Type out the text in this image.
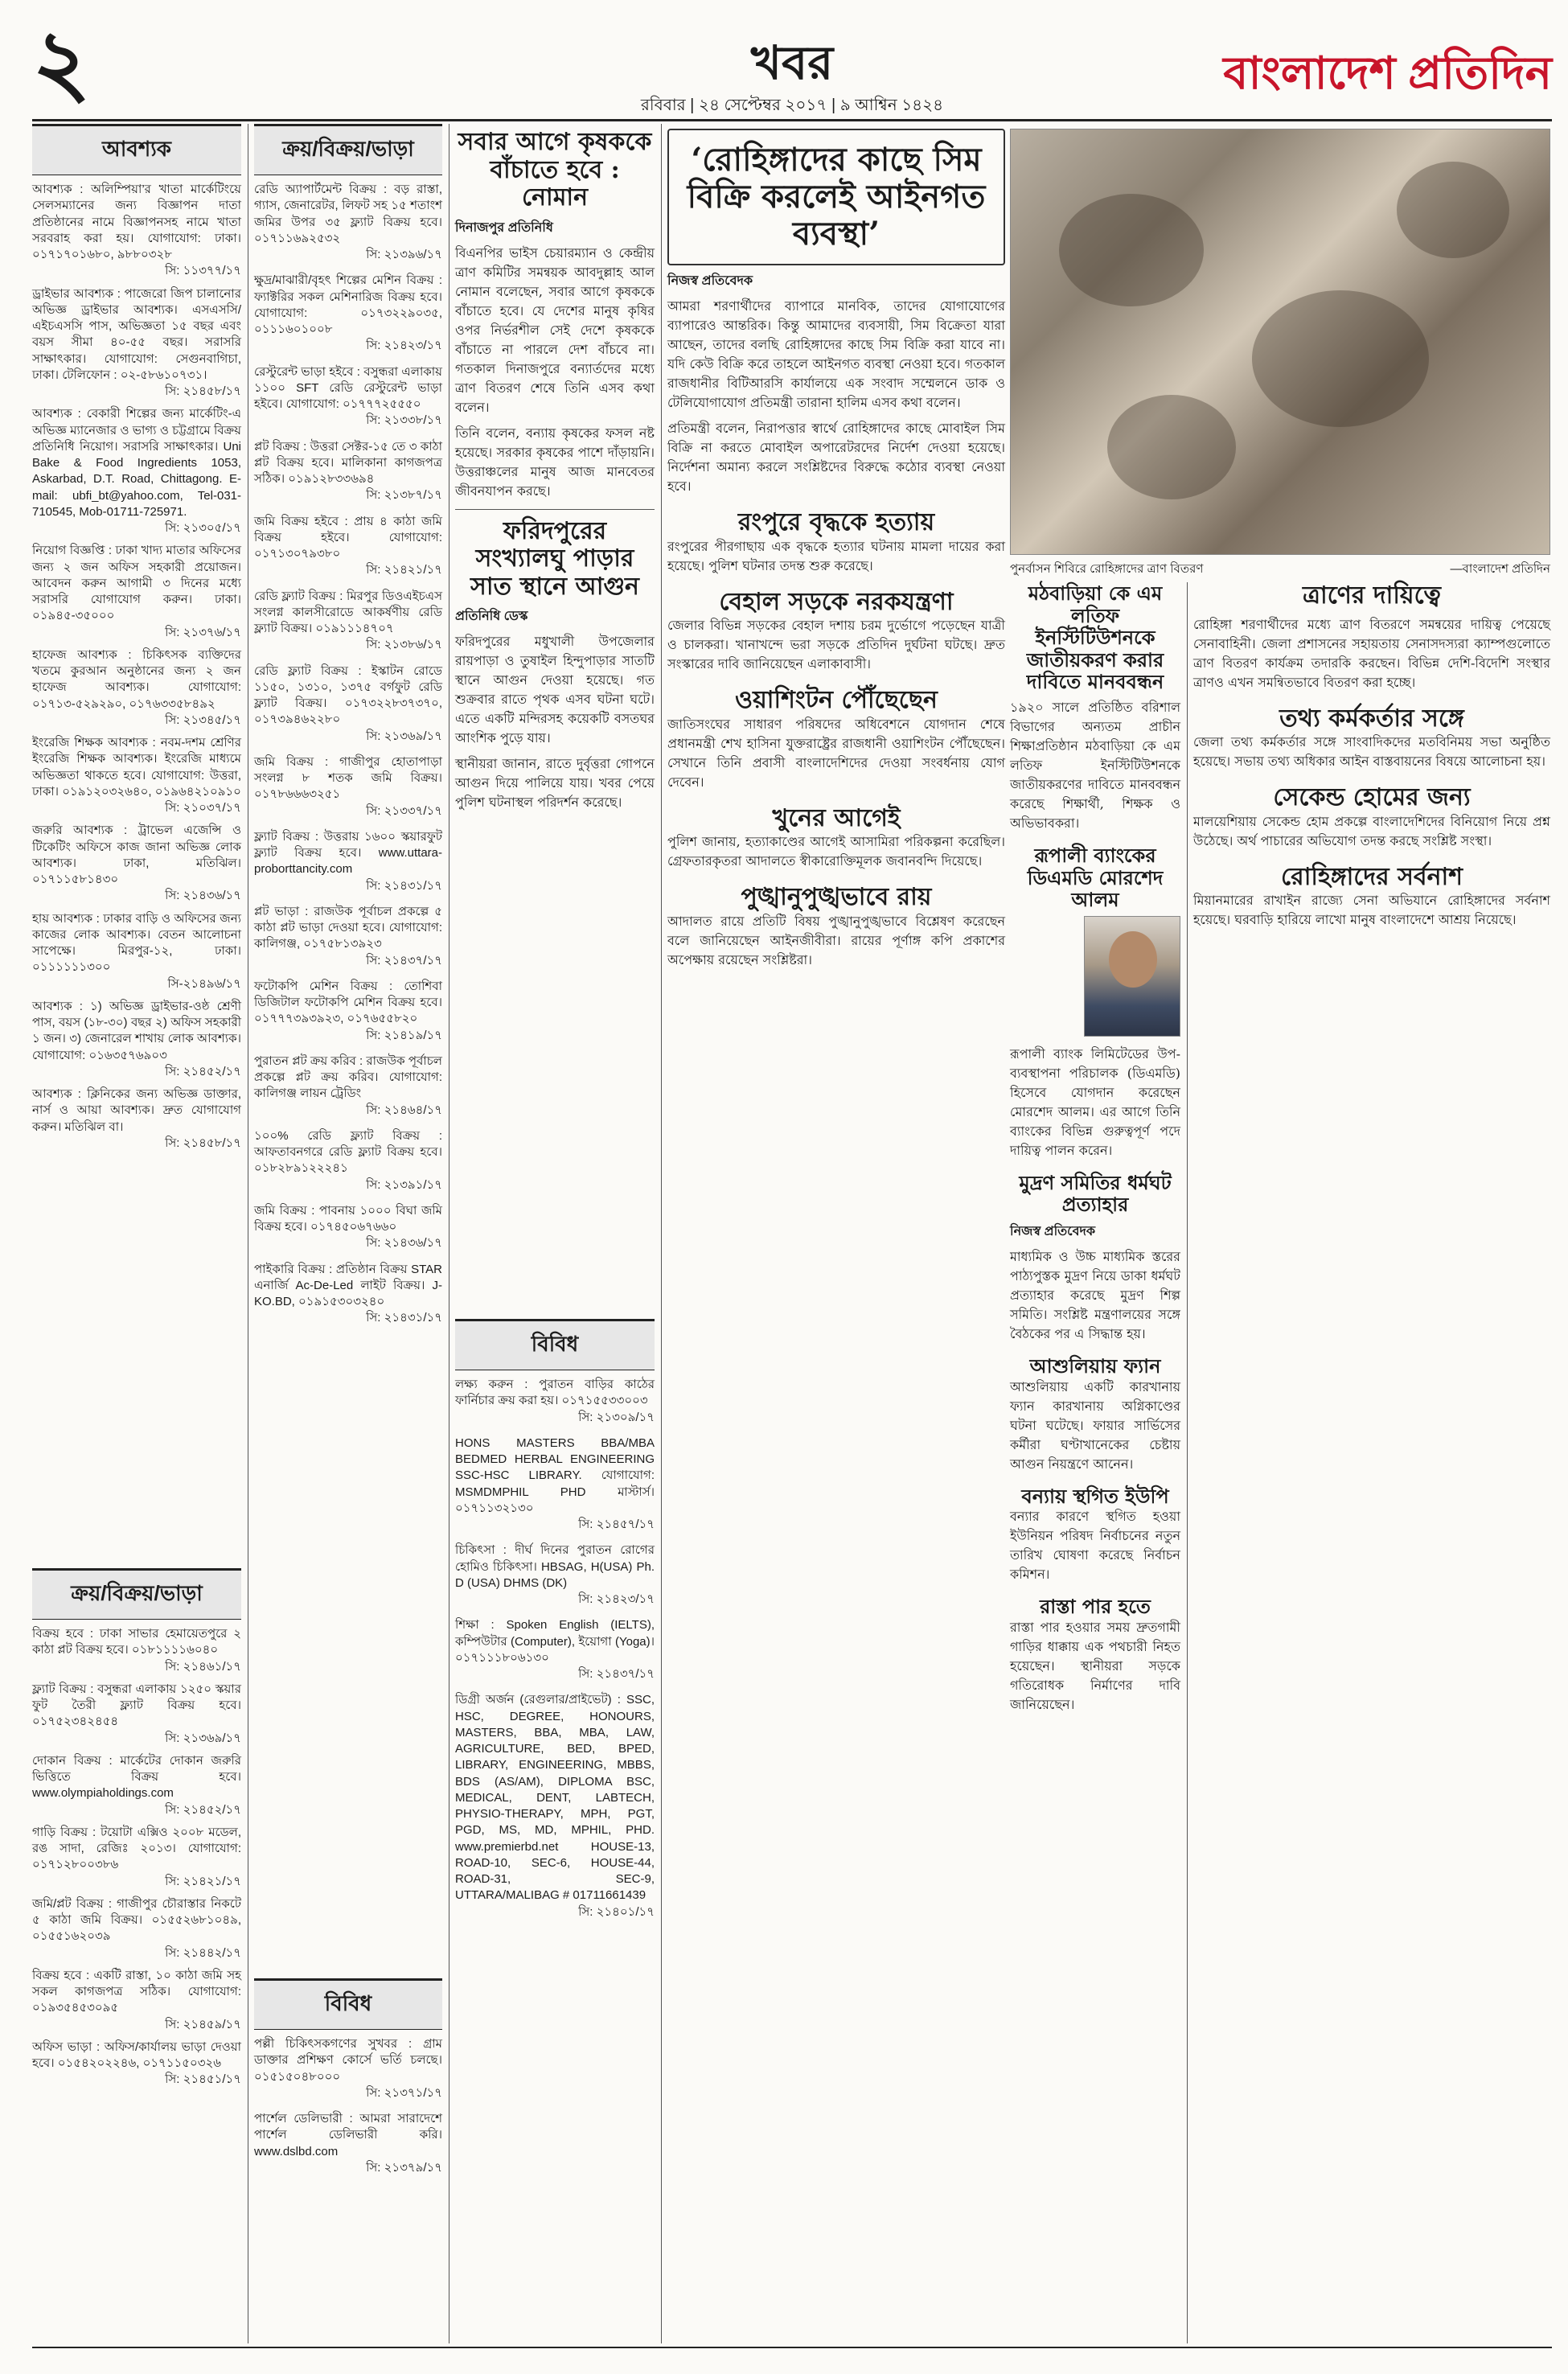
২	খবর
রবিবার | ২৪ সেপ্টেম্বর ২০১৭ | ৯ আশ্বিন ১৪২৪
বাংলাদেশ প্রতিদিন
আবশ্যক

আবশ্যক : অলিম্পিয়া’র খাতা মার্কেটিংয়ে সেলসম্যানের জন্য বিজ্ঞাপন দাতা প্রতিষ্ঠানের নামে বিজ্ঞাপনসহ নামে খাতা সরবরাহ করা হয়। যোগাযোগ: ঢাকা। ০১৭১৭০১৬৮০, ৯৮৮০৩২৮
সি: ১১৩৭৭/১৭

ড্রাইভার আবশ্যক : পাজেরো জিপ চালানোর অভিজ্ঞ ড্রাইভার আবশ্যক। এসএসসি/এইচএসসি পাস, অভিজ্ঞতা ১৫ বছর এবং বয়স সীমা ৪০-৫৫ বছর। সরাসরি সাক্ষাৎকার। যোগাযোগ: সেগুনবাগিচা, ঢাকা। টেলিফোন : ০২-৫৮৬১০৭৩১।
সি: ২১৪৫৮/১৭

আবশ্যক : বেকারী শিল্পের জন্য মার্কেটিং-এ অভিজ্ঞ ম্যানেজার ও ভাগ্য ও চট্টগ্রামে বিক্রয় প্রতিনিধি নিয়োগ। সরাসরি সাক্ষাৎকার। Uni Bake & Food Ingredients 1053, Askarbad, D.T. Road, Chittagong. E-mail: ubfi_bt@yahoo.com, Tel-031-710545, Mob-01711-725971.
সি: ২১৩০৫/১৭

নিয়োগ বিজ্ঞপ্তি : ঢাকা খাদ্য মাতার অফিসের জন্য ২ জন অফিস সহকারী প্রয়োজন। আবেদন করুন আগামী ৩ দিনের মধ্যে সরাসরি যোগাযোগ করুন। ঢাকা। ০১৯৪৫-৩৫০০০
সি: ২১৩৭৬/১৭

হাফেজ আবশ্যক : চিকিৎসক ব্যক্তিদের খতমে কুরআন অনুষ্ঠানের জন্য ২ জন হাফেজ আবশ্যক। যোগাযোগ: ০১৭১৩-৫২৯২৯০, ০১৭৬৩৩৫৮৪৯২
সি: ২১৩৪৫/১৭

ইংরেজি শিক্ষক আবশ্যক : নবম-দশম শ্রেণির ইংরেজি শিক্ষক আবশ্যক। ইংরেজি মাধ্যমে অভিজ্ঞতা থাকতে হবে। যোগাযোগ: উত্তরা, ঢাকা। ০১৯১২০৩২৬৪০, ০১৯৬৪২১০৯১০
সি: ২১০৩৭/১৭

জরুরি আবশ্যক : ট্রাভেল এজেন্সি ও টিকেটিং অফিসে কাজ জানা অভিজ্ঞ লোক আবশ্যক। ঢাকা, মতিঝিল। ০১৭১১৫৮১৪৩০
সি: ২১৪৩৬/১৭

হায় আবশ্যক : ঢাকার বাড়ি ও অফিসের জন্য কাজের লোক আবশ্যক। বেতন আলোচনা সাপেক্ষে। মিরপুর-১২, ঢাকা। ০১১১১১১৩০০
সি-২১৪৯৬/১৭

আবশ্যক : ১) অভিজ্ঞ ড্রাইভার-ওষ্ঠ শ্রেণী পাস, বয়স (১৮-৩০) বছর ২) অফিস সহকারী ১ জন। ৩) জেনারেল শাখায় লোক আবশ্যক। যোগাযোগ: ০১৬৩৫৭৬৯০৩
সি: ২১৪৫২/১৭

আবশ্যক : ক্লিনিকের জন্য অভিজ্ঞ ডাক্তার, নার্স ও আয়া আবশ্যক। দ্রুত যোগাযোগ করুন। মতিঝিল বা।
সি: ২১৪৫৮/১৭

ক্রয়/বিক্রয়/ভাড়া

বিক্রয় হবে : ঢাকা সাভার হেমায়েতপুরে ২ কাঠা প্লট বিক্রয় হবে। ০১৮১১১১৬০৪০
সি: ২১৪৬১/১৭

ফ্ল্যাট বিক্রয় : বসুন্ধরা এলাকায় ১২৫০ স্কয়ার ফুট তৈরী ফ্ল্যাট বিক্রয় হবে। ০১৭৫২৩৪২৪৫৪
সি: ২১৩৬৯/১৭

দোকান বিক্রয় : মার্কেটের দোকান জরুরি ভিত্তিতে বিক্রয় হবে। www.olympiaholdings.com
সি: ২১৪৫২/১৭

গাড়ি বিক্রয় : টয়োটা এক্সিও ২০০৮ মডেল, রঙ সাদা, রেজিঃ ২০১৩। যোগাযোগ: ০১৭১২৮০০৩৮৬
সি: ২১৪২১/১৭

জমি/প্লট বিক্রয় : গাজীপুর চৌরাস্তার নিকটে ৫ কাঠা জমি বিক্রয়। ০১৫৫২৬৮১০৪৯, ০১৫৫১৬২০৩৯
সি: ২১৪৪২/১৭

বিক্রয় হবে : একটি রাস্তা, ১০ কাঠা জমি সহ সকল কাগজপত্র সঠিক। যোগাযোগ: ০১৯৩৫৪৫৩০৯৫
সি: ২১৪৫৯/১৭

অফিস ভাড়া : অফিস/কার্যালয় ভাড়া দেওয়া হবে। ০১৫৪২০২২৪৬, ০১৭১১৫০৩২৬
সি: ২১৪৫১/১৭

ক্রয়/বিক্রয়/ভাড়া

রেডি অ্যাপার্টমেন্ট বিক্রয় : বড় রাস্তা, গ্যাস, জেনারেটর, লিফট সহ ১৫ শতাংশ জমির উপর ৩৫ ফ্ল্যাট বিক্রয় হবে। ০১৭১১৬৯২৫৩২
সি: ২১৩৯৬/১৭

ক্ষুদ্র/মাঝারী/বৃহৎ শিল্পের মেশিন বিক্রয় : ফ্যাক্টরির সকল মেশিনারিজ বিক্রয় হবে। যোগাযোগ: ০১৭৩২২৯০৩৫, ০১১১৬০১০০৮
সি: ২১৪২৩/১৭

রেস্টুরেন্ট ভাড়া হইবে : বসুন্ধরা এলাকায় ১১০০ SFT রেডি রেস্টুরেন্ট ভাড়া হইবে। যোগাযোগ: ০১৭৭৭২৫৫৫০
সি: ২১৩৩৮/১৭

প্লট বিক্রয় : উত্তরা সেক্টর-১৫ তে ৩ কাঠা প্লট বিক্রয় হবে। মালিকানা কাগজপত্র সঠিক। ০১৯১২৮৩৩৬৯৪
সি: ২১৩৮৭/১৭

জমি বিক্রয় হইবে : প্রায় ৪ কাঠা জমি বিক্রয় হইবে। যোগাযোগ: ০১৭১৩০৭৯৩৮০
সি: ২১৪২১/১৭

রেডি ফ্ল্যাট বিক্রয় : মিরপুর ডিওএইচএস সংলগ্ন কালসীরোডে আকর্ষণীয় রেডি ফ্ল্যাট বিক্রয়। ০১৯১১১৪৭০৭
সি: ২১৩৮৬/১৭

রেডি ফ্ল্যাট বিক্রয় : ইস্কাটন রোডে ১১৫০, ১৩১০, ১৩৭৫ বর্গফুট রেডি ফ্ল্যাট বিক্রয়। ০১৭৩২২৮৩৭৩৭০, ০১৭৩৯৪৬২২৮০
সি: ২১৩৬৯/১৭

জমি বিক্রয় : গাজীপুর হোতাপাড়া সংলগ্ন ৮ শতক জমি বিক্রয়। ০১৭৮৬৬৬৩২৫১
সি: ২১৩৩৭/১৭

ফ্ল্যাট বিক্রয় : উত্তরায় ১৬০০ স্কয়ারফুট ফ্ল্যাট বিক্রয় হবে। www.uttara-proborttancity.com
সি: ২১৪৩১/১৭

প্লট ভাড়া : রাজউক পূর্বাচল প্রকল্পে ৫ কাঠা প্লট ভাড়া দেওয়া হবে। যোগাযোগ: কালিগঞ্জ, ০১৭৫৮১৩৯২৩
সি: ২১৪৩৭/১৭

ফটোকপি মেশিন বিক্রয় : তোশিবা ডিজিটাল ফটোকপি মেশিন বিক্রয় হবে। ০১৭৭৭৩৯৩৯২৩, ০১৭৬৫৫৮২০
সি: ২১৪১৯/১৭

পুরাতন প্লট ক্রয় করিব : রাজউক পূর্বাচল প্রকল্পে প্লট ক্রয় করিব। যোগাযোগ: কালিগঞ্জ লায়ন ট্রেডিং
সি: ২১৪৬৪/১৭

১০০% রেডি ফ্ল্যাট বিক্রয় : আফতাবনগরে রেডি ফ্ল্যাট বিক্রয় হবে। ০১৮২৮৯১২২২৪১
সি: ২১৩৯১/১৭

জমি বিক্রয় : পাবনায় ১০০০ বিঘা জমি বিক্রয় হবে। ০১৭৪৫০৬৭৬৬০
সি: ২১৪৩৬/১৭

পাইকারি বিক্রয় : প্রতিষ্ঠান বিক্রয় STAR এনার্জি Ac-De-Led লাইট বিক্রয়। J-KO.BD, ০১৯১৫৩০৩২৪০
সি: ২১৪৩১/১৭

বিবিধ

পল্লী চিকিৎসকগণের সুখবর : গ্রাম ডাক্তার প্রশিক্ষণ কোর্সে ভর্তি চলছে। ০১৫১৫০৪৮০০০
সি: ২১৩৭১/১৭

পার্শেল ডেলিভারী : আমরা সারাদেশে পার্শেল ডেলিভারী করি। www.dslbd.com
সি: ২১৩৭৯/১৭

সবার আগে কৃষককে বাঁচাতে হবে : নোমান
দিনাজপুর প্রতিনিধি

বিএনপির ভাইস চেয়ারম্যান ও কেন্দ্রীয় ত্রাণ কমিটির সমন্বয়ক আবদুল্লাহ আল নোমান বলেছেন, সবার আগে কৃষককে বাঁচাতে হবে। যে দেশের মানুষ কৃষির ওপর নির্ভরশীল সেই দেশে কৃষককে বাঁচাতে না পারলে দেশ বাঁচবে না। গতকাল দিনাজপুরে বন্যার্তদের মধ্যে ত্রাণ বিতরণ শেষে তিনি এসব কথা বলেন।

তিনি বলেন, বন্যায় কৃষকের ফসল নষ্ট হয়েছে। সরকার কৃষকের পাশে দাঁড়ায়নি। উত্তরাঞ্চলের মানুষ আজ মানবেতর জীবনযাপন করছে।

ফরিদপুরের সংখ্যালঘু পাড়ার সাত স্থানে আগুন
প্রতিনিধি ডেস্ক

ফরিদপুরের মধুখালী উপজেলার রায়পাড়া ও তুষাইল হিন্দুপাড়ার সাতটি স্থানে আগুন দেওয়া হয়েছে। গত শুক্রবার রাতে পৃথক এসব ঘটনা ঘটে। এতে একটি মন্দিরসহ কয়েকটি বসতঘর আংশিক পুড়ে যায়।

স্থানীয়রা জানান, রাতে দুর্বৃত্তরা গোপনে আগুন দিয়ে পালিয়ে যায়। খবর পেয়ে পুলিশ ঘটনাস্থল পরিদর্শন করেছে।

বিবিধ

লক্ষ্য করুন : পুরাতন বাড়ির কাঠের ফার্নিচার ক্রয় করা হয়। ০১৭১৫৫৩৩০০৩
সি: ২১৩০৯/১৭

HONS MASTERS BBA/MBA BEDMED HERBAL ENGINEERING SSC-HSC LIBRARY. যোগাযোগ: MSMDMPHIL PHD মাস্টার্স। ০১৭১১৩২১৩০
সি: ২১৪৫৭/১৭

চিকিৎসা : দীর্ঘ দিনের পুরাতন রোগের হোমিও চিকিৎসা। HBSAG, H(USA) Ph. D (USA) DHMS (DK)
সি: ২১৪২৩/১৭

শিক্ষা : Spoken English (IELTS), কম্পিউটার (Computer), ইয়োগা (Yoga)। ০১৭১১১৮০৬১৩০
সি: ২১৪৩৭/১৭

ডিগ্রী অর্জন (রেগুলার/প্রাইভেট) : SSC, HSC, DEGREE, HONOURS, MASTERS, BBA, MBA, LAW, AGRICULTURE, BED, BPED, LIBRARY, ENGINEERING, MBBS, BDS (AS/AM), DIPLOMA BSC, MEDICAL, DENT, LABTECH, PHYSIO-THERAPY, MPH, PGT, PGD, MS, MD, MPHIL, PHD. www.premierbd.net HOUSE-13, ROAD-10, SEC-6, HOUSE-44, ROAD-31, SEC-9, UTTARA/MALIBAG # 01711661439
সি: ২১৪০১/১৭

‘রোহিঙ্গাদের কাছে সিম বিক্রি করলেই আইনগত ব্যবস্থা’
নিজস্ব প্রতিবেদক

আমরা শরণার্থীদের ব্যাপারে মানবিক, তাদের যোগাযোগের ব্যাপারেও আন্তরিক। কিন্তু আমাদের ব্যবসায়ী, সিম বিক্রেতা যারা আছেন, তাদের বলছি রোহিঙ্গাদের কাছে সিম বিক্রি করা যাবে না। যদি কেউ বিক্রি করে তাহলে আইনগত ব্যবস্থা নেওয়া হবে। গতকাল রাজধানীর বিটিআরসি কার্যালয়ে এক সংবাদ সম্মেলনে ডাক ও টেলিযোগাযোগ প্রতিমন্ত্রী তারানা হালিম এসব কথা বলেন।

প্রতিমন্ত্রী বলেন, নিরাপত্তার স্বার্থে রোহিঙ্গাদের কাছে মোবাইল সিম বিক্রি না করতে মোবাইল অপারেটরদের নির্দেশ দেওয়া হয়েছে। নির্দেশনা অমান্য করলে সংশ্লিষ্টদের বিরুদ্ধে কঠোর ব্যবস্থা নেওয়া হবে।

রংপুরে বৃদ্ধকে হত্যায়
রংপুরের পীরগাছায় এক বৃদ্ধকে হত্যার ঘটনায় মামলা দায়ের করা হয়েছে। পুলিশ ঘটনার তদন্ত শুরু করেছে।
বেহাল সড়কে নরকযন্ত্রণা
জেলার বিভিন্ন সড়কের বেহাল দশায় চরম দুর্ভোগে পড়েছেন যাত্রী ও চালকরা। খানাখন্দে ভরা সড়কে প্রতিদিন দুর্ঘটনা ঘটছে। দ্রুত সংস্কারের দাবি জানিয়েছেন এলাকাবাসী।
ওয়াশিংটন পৌঁছেছেন
জাতিসংঘের সাধারণ পরিষদের অধিবেশনে যোগদান শেষে প্রধানমন্ত্রী শেখ হাসিনা যুক্তরাষ্ট্রের রাজধানী ওয়াশিংটন পৌঁছেছেন। সেখানে তিনি প্রবাসী বাংলাদেশিদের দেওয়া সংবর্ধনায় যোগ দেবেন।
খুনের আগেই
পুলিশ জানায়, হত্যাকাণ্ডের আগেই আসামিরা পরিকল্পনা করেছিল। গ্রেফতারকৃতরা আদালতে স্বীকারোক্তিমূলক জবানবন্দি দিয়েছে।
পুঙ্খানুপুঙ্খভাবে রায়
আদালত রায়ে প্রতিটি বিষয় পুঙ্খানুপুঙ্খভাবে বিশ্লেষণ করেছেন বলে জানিয়েছেন আইনজীবীরা। রায়ের পূর্ণাঙ্গ কপি প্রকাশের অপেক্ষায় রয়েছেন সংশ্লিষ্টরা।
পুনর্বাসন শিবিরে রোহিঙ্গাদের ত্রাণ বিতরণ	—বাংলাদেশ প্রতিদিন
মঠবাড়িয়া কে এম লতিফ ইনস্টিটিউশনকে জাতীয়করণ করার দাবিতে মানববন্ধন
১৯২০ সালে প্রতিষ্ঠিত বরিশাল বিভাগের অন্যতম প্রাচীন শিক্ষাপ্রতিষ্ঠান মঠবাড়িয়া কে এম লতিফ ইনস্টিটিউশনকে জাতীয়করণের দাবিতে মানববন্ধন করেছে শিক্ষার্থী, শিক্ষক ও অভিভাবকরা।
রূপালী ব্যাংকের ডিএমডি মোরশেদ আলম
রূপালী ব্যাংক লিমিটেডের উপ-ব্যবস্থাপনা পরিচালক (ডিএমডি) হিসেবে যোগদান করেছেন মোরশেদ আলম। এর আগে তিনি ব্যাংকের বিভিন্ন গুরুত্বপূর্ণ পদে দায়িত্ব পালন করেন।
মুদ্রণ সমিতির ধর্মঘট প্রত্যাহার
নিজস্ব প্রতিবেদক
মাধ্যমিক ও উচ্চ মাধ্যমিক স্তরের পাঠ্যপুস্তক মুদ্রণ নিয়ে ডাকা ধর্মঘট প্রত্যাহার করেছে মুদ্রণ শিল্প সমিতি। সংশ্লিষ্ট মন্ত্রণালয়ের সঙ্গে বৈঠকের পর এ সিদ্ধান্ত হয়।
আশুলিয়ায় ফ্যান
আশুলিয়ায় একটি কারখানায় ফ্যান কারখানায় অগ্নিকাণ্ডের ঘটনা ঘটেছে। ফায়ার সার্ভিসের কর্মীরা ঘণ্টাখানেকের চেষ্টায় আগুন নিয়ন্ত্রণে আনেন।
বন্যায় স্থগিত ইউপি
বন্যার কারণে স্থগিত হওয়া ইউনিয়ন পরিষদ নির্বাচনের নতুন তারিখ ঘোষণা করেছে নির্বাচন কমিশন।
রাস্তা পার হতে
রাস্তা পার হওয়ার সময় দ্রুতগামী গাড়ির ধাক্কায় এক পথচারী নিহত হয়েছেন। স্থানীয়রা সড়কে গতিরোধক নির্মাণের দাবি জানিয়েছেন।
ত্রাণের দায়িত্বে
রোহিঙ্গা শরণার্থীদের মধ্যে ত্রাণ বিতরণে সমন্বয়ের দায়িত্ব পেয়েছে সেনাবাহিনী। জেলা প্রশাসনের সহায়তায় সেনাসদস্যরা ক্যাম্পগুলোতে ত্রাণ বিতরণ কার্যক্রম তদারকি করছেন। বিভিন্ন দেশি-বিদেশি সংস্থার ত্রাণও এখন সমন্বিতভাবে বিতরণ করা হচ্ছে।
তথ্য কর্মকর্তার সঙ্গে
জেলা তথ্য কর্মকর্তার সঙ্গে সাংবাদিকদের মতবিনিময় সভা অনুষ্ঠিত হয়েছে। সভায় তথ্য অধিকার আইন বাস্তবায়নের বিষয়ে আলোচনা হয়।
সেকেন্ড হোমের জন্য
মালয়েশিয়ায় সেকেন্ড হোম প্রকল্পে বাংলাদেশিদের বিনিয়োগ নিয়ে প্রশ্ন উঠেছে। অর্থ পাচারের অভিযোগ তদন্ত করছে সংশ্লিষ্ট সংস্থা।
রোহিঙ্গাদের সর্বনাশ
মিয়ানমারের রাখাইন রাজ্যে সেনা অভিযানে রোহিঙ্গাদের সর্বনাশ হয়েছে। ঘরবাড়ি হারিয়ে লাখো মানুষ বাংলাদেশে আশ্রয় নিয়েছে।
